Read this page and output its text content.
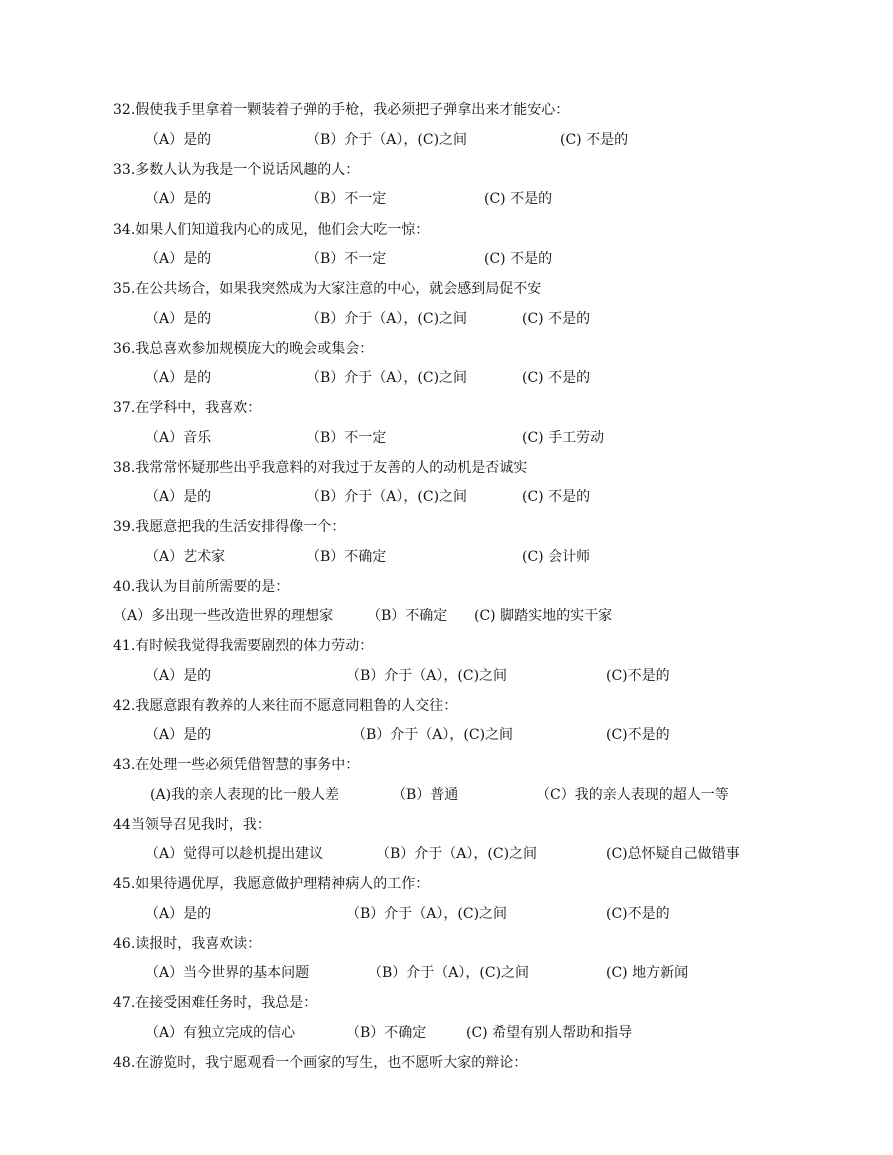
32.假使我手里拿着一颗装着子弹的手枪，我必须把子弹拿出来才能安心：
（A）是的	（B）介于（A），(C)之间	(C) 不是的
33.多数人认为我是一个说话风趣的人：
（A）是的	（B）不一定	(C) 不是的
34.如果人们知道我内心的成见，他们会大吃一惊：
（A）是的	（B）不一定	(C) 不是的
35.在公共场合，如果我突然成为大家注意的中心，就会感到局促不安
（A）是的	（B）介于（A），(C)之间	(C) 不是的
36.我总喜欢参加规模庞大的晚会或集会：
（A）是的	（B）介于（A），(C)之间	(C) 不是的
37.在学科中，我喜欢：
（A）音乐	（B）不一定	(C) 手工劳动
38.我常常怀疑那些出乎我意料的对我过于友善的人的动机是否诚实
（A）是的	（B）介于（A），(C)之间	(C) 不是的
39.我愿意把我的生活安排得像一个：
（A）艺术家	（B）不确定	(C) 会计师
40.我认为目前所需要的是：
（A）多出现一些改造世界的理想家 （B）不确定 (C) 脚踏实地的实干家
41.有时候我觉得我需要剧烈的体力劳动：
（A）是的	（B）介于（A），(C)之间	(C)不是的
42.我愿意跟有教养的人来往而不愿意同粗鲁的人交往：
（A）是的	（B）介于（A），(C)之间	(C)不是的
43.在处理一些必须凭借智慧的事务中：
(A)我的亲人表现的比一般人差	（B）普通	（C）我的亲人表现的超人一等
44当领导召见我时，我：
（A）觉得可以趁机提出建议	（B）介于（A），(C)之间	(C)总怀疑自己做错事
45.如果待遇优厚，我愿意做护理精神病人的工作：
（A）是的	（B）介于（A），(C)之间	(C)不是的
46.读报时，我喜欢读：
（A）当今世界的基本问题	（B）介于（A），(C)之间	(C) 地方新闻
47.在接受困难任务时，我总是：
（A）有独立完成的信心	（B）不确定	(C) 希望有别人帮助和指导
48.在游览时，我宁愿观看一个画家的写生，也不愿听大家的辩论：
